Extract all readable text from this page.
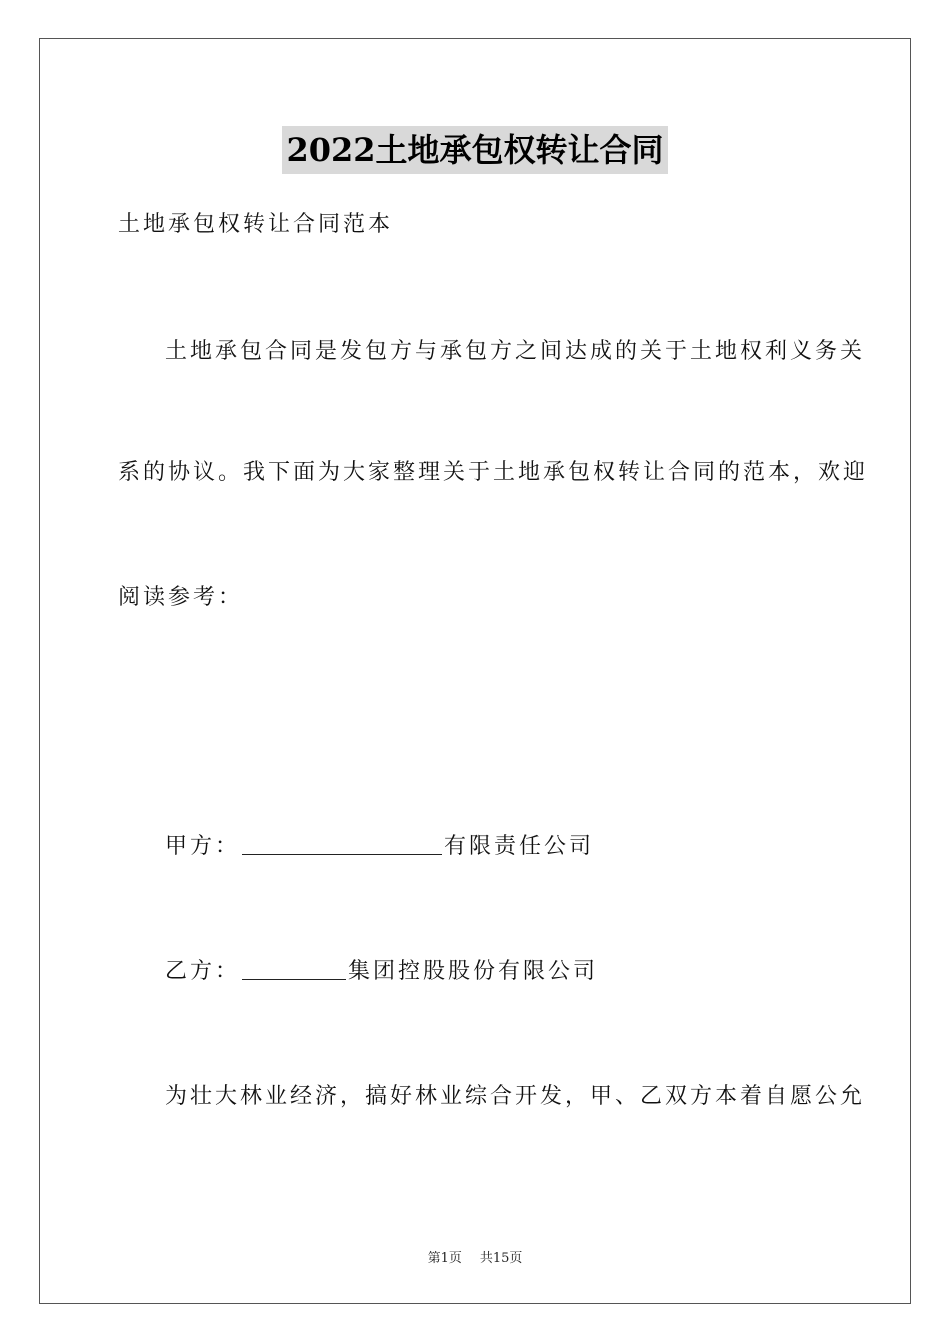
2022土地承包权转让合同
土地承包权转让合同范本
土地承包合同是发包方与承包方之间达成的关于土地权利义务关
系的协议。我下面为大家整理关于土地承包权转让合同的范本，欢迎
阅读参考：
甲方：	有限责任公司
乙方：	集团控股股份有限公司
为壮大林业经济，搞好林业综合开发，甲、乙双方本着自愿公允
第1页 共15页
